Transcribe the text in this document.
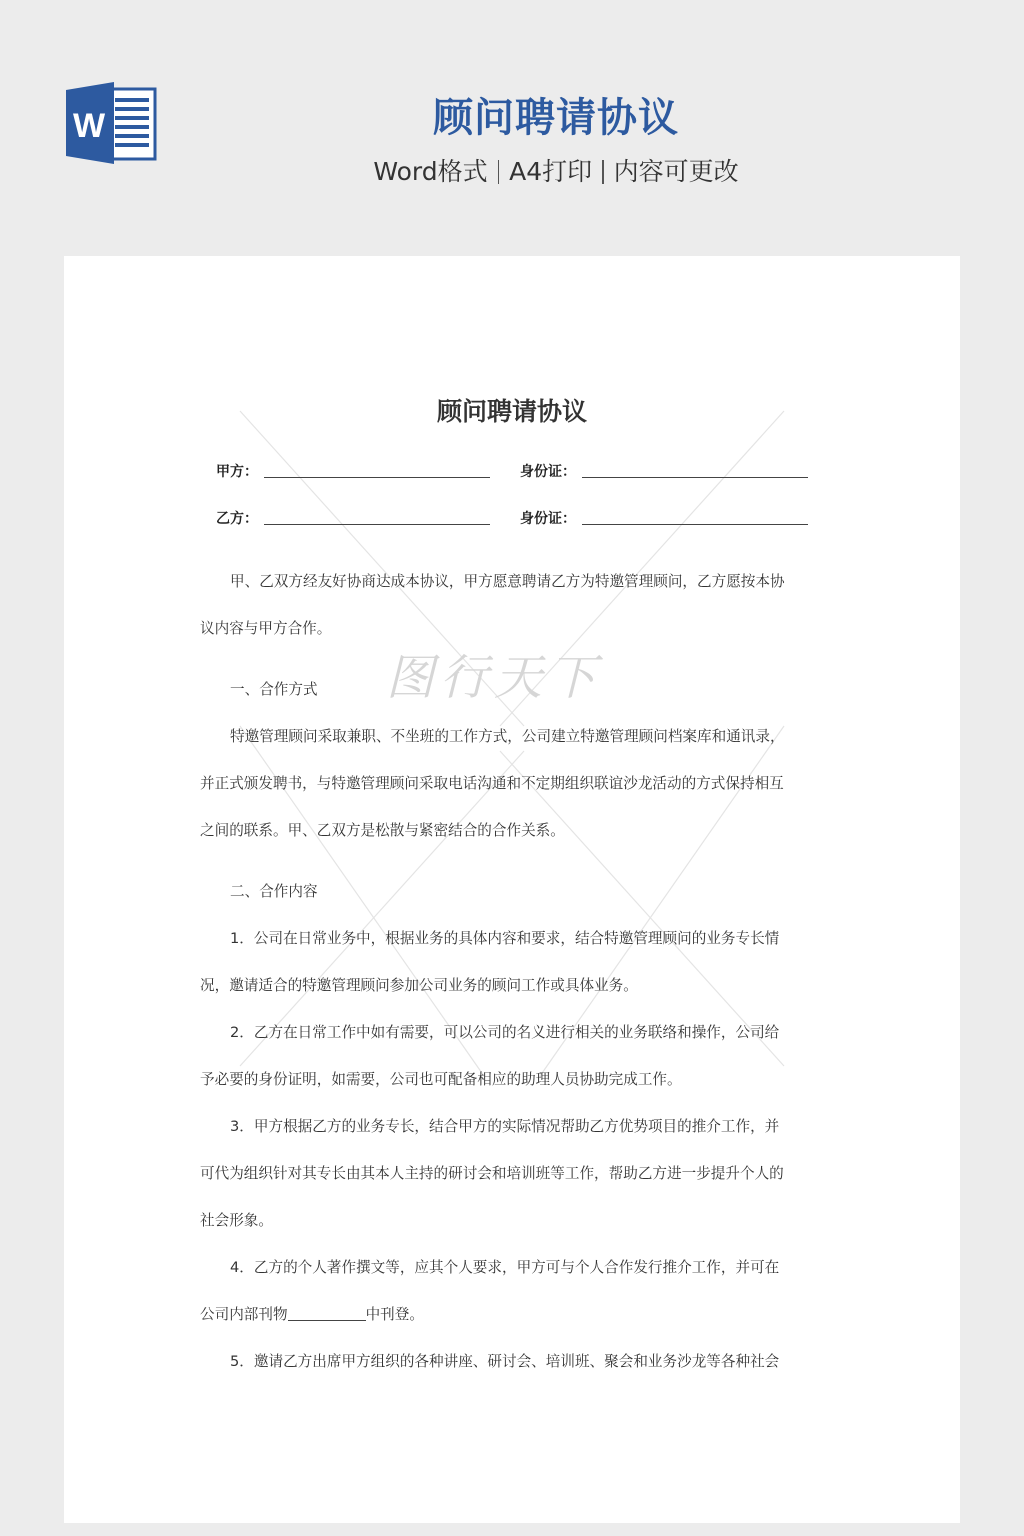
W	顾问聘请协议
Word格式 A4打印 内容可更改
图行天下
顾问聘请协议
甲方：	身份证：
乙方：	身份证：
甲、乙双方经友好协商达成本协议，甲方愿意聘请乙方为特邀管理顾问，乙方愿按本协
议内容与甲方合作。
一、合作方式
特邀管理顾问采取兼职、不坐班的工作方式，公司建立特邀管理顾问档案库和通讯录，
并正式颁发聘书，与特邀管理顾问采取电话沟通和不定期组织联谊沙龙活动的方式保持相互
之间的联系。甲、乙双方是松散与紧密结合的合作关系。
二、合作内容
1．公司在日常业务中，根据业务的具体内容和要求，结合特邀管理顾问的业务专长情
况，邀请适合的特邀管理顾问参加公司业务的顾问工作或具体业务。
2．乙方在日常工作中如有需要，可以公司的名义进行相关的业务联络和操作，公司给
予必要的身份证明，如需要，公司也可配备相应的助理人员协助完成工作。
3．甲方根据乙方的业务专长，结合甲方的实际情况帮助乙方优势项目的推介工作，并
可代为组织针对其专长由其本人主持的研讨会和培训班等工作，帮助乙方进一步提升个人的
社会形象。
4．乙方的个人著作撰文等，应其个人要求，甲方可与个人合作发行推介工作，并可在
公司内部刊物	中刊登。
5．邀请乙方出席甲方组织的各种讲座、研讨会、培训班、聚会和业务沙龙等各种社会
